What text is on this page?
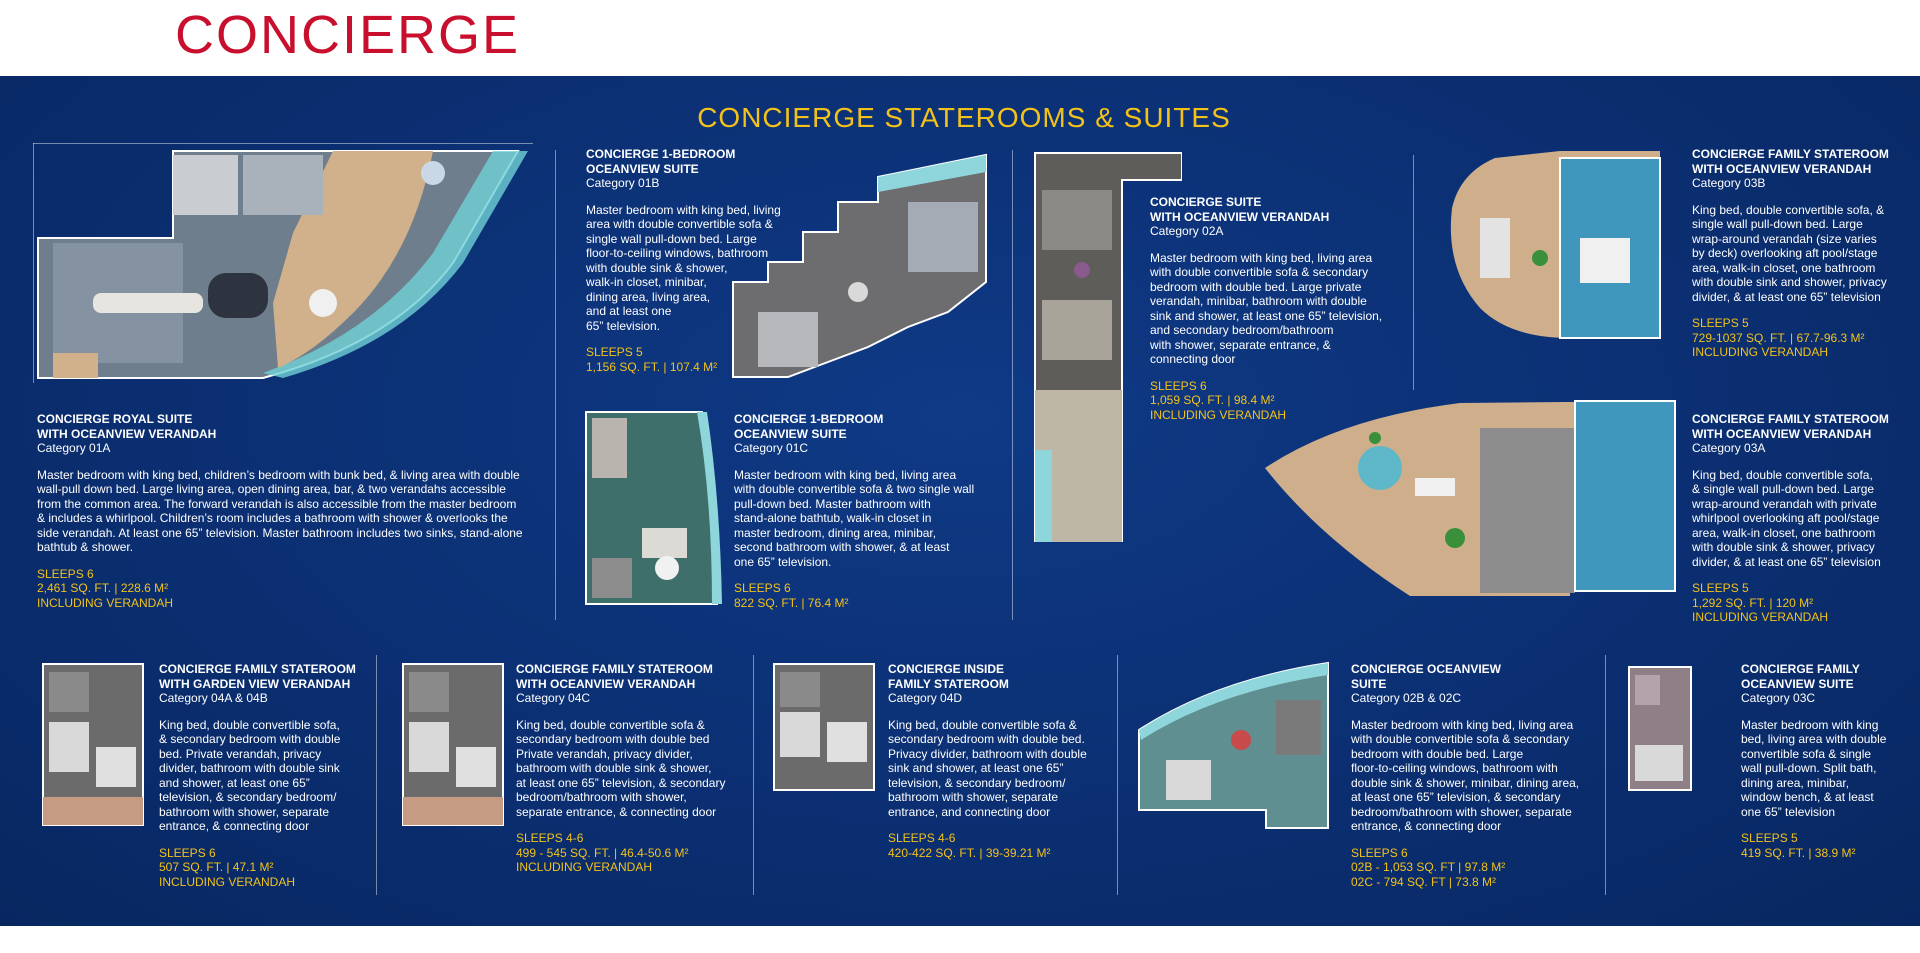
CONCIERGE
CONCIERGE STATEROOMS & SUITES
CONCIERGE ROYAL SUITE
WITH OCEANVIEW VERANDAH
Category 01A
Master bedroom with king bed, children’s bedroom with bunk bed, & living area with double
wall-pull down bed. Large living area, open dining area, bar, & two verandahs accessible
from the common area. The forward verandah is also accessible from the master bedroom
& includes a whirlpool. Children’s room includes a bathroom with shower & overlooks the
side verandah. At least one 65” television. Master bathroom includes two sinks, stand-alone
bathtub & shower.
SLEEPS 6
2,461 SQ. FT. | 228.6 M²
INCLUDING VERANDAH
CONCIERGE 1-BEDROOM
OCEANVIEW SUITE
Category 01B
Master bedroom with king bed, living
area with double convertible sofa &
single wall pull-down bed. Large
floor-to-ceiling windows, bathroom
with double sink & shower,
walk-in closet, minibar,
dining area, living area,
and at least one
65” television.
SLEEPS 5
1,156 SQ. FT. | 107.4 M²
CONCIERGE 1-BEDROOM
OCEANVIEW SUITE
Category 01C
Master bedroom with king bed, living area
with double convertible sofa & two single wall
pull-down bed. Master bathroom with
stand-alone bathtub, walk-in closet in
master bedroom, dining area, minibar,
second bathroom with shower, & at least
one 65” television.
SLEEPS 6
822 SQ. FT. | 76.4 M²
CONCIERGE SUITE
WITH OCEANVIEW VERANDAH
Category 02A
Master bedroom with king bed, living area
with double convertible sofa & secondary
bedroom with double bed. Large private
verandah, minibar, bathroom with double
sink and shower, at least one 65” television,
and secondary bedroom/bathroom
with shower, separate entrance, &
connecting door
SLEEPS 6
1,059 SQ. FT. | 98.4 M²
INCLUDING VERANDAH
CONCIERGE FAMILY STATEROOM
WITH OCEANVIEW VERANDAH
Category 03B
King bed, double convertible sofa, &
single wall pull-down bed. Large
wrap-around verandah (size varies
by deck) overlooking aft pool/stage
area, walk-in closet, one bathroom
with double sink and shower, privacy
divider, & at least one 65” television
SLEEPS 5
729-1037 SQ. FT. | 67.7-96.3 M²
INCLUDING VERANDAH
CONCIERGE FAMILY STATEROOM
WITH OCEANVIEW VERANDAH
Category 03A
King bed, double convertible sofa,
& single wall pull-down bed. Large
wrap-around verandah with private
whirlpool overlooking aft pool/stage
area, walk-in closet, one bathroom
with double sink & shower, privacy
divider, & at least one 65” television
SLEEPS 5
1,292 SQ. FT. | 120 M²
INCLUDING VERANDAH
CONCIERGE FAMILY STATEROOM
WITH GARDEN VIEW VERANDAH
Category 04A & 04B
King bed, double convertible sofa,
& secondary bedroom with double
bed. Private verandah, privacy
divider, bathroom with double sink
and shower, at least one 65”
television, & secondary bedroom/
bathroom with shower, separate
entrance, & connecting door
SLEEPS 6
507 SQ. FT. | 47.1 M²
INCLUDING VERANDAH
CONCIERGE FAMILY STATEROOM
WITH OCEANVIEW VERANDAH
Category 04C
King bed, double convertible sofa &
secondary bedroom with double bed
Private verandah, privacy divider,
bathroom with double sink & shower,
at least one 65” television, & secondary
bedroom/bathroom with shower,
separate entrance, & connecting door
SLEEPS 4-6
499 - 545 SQ. FT. | 46.4-50.6 M²
INCLUDING VERANDAH
CONCIERGE INSIDE
FAMILY STATEROOM
Category 04D
King bed, double convertible sofa &
secondary bedroom with double bed.
Privacy divider, bathroom with double
sink and shower, at least one 65”
television, & secondary bedroom/
bathroom with shower, separate
entrance, and connecting door
SLEEPS 4-6
420-422 SQ. FT. | 39-39.21 M²
CONCIERGE OCEANVIEW
SUITE
Category 02B & 02C
Master bedroom with king bed, living area
with double convertible sofa & secondary
bedroom with double bed. Large
floor-to-ceiling windows, bathroom with
double sink & shower, minibar, dining area,
at least one 65” television, & secondary
bedroom/bathroom with shower, separate
entrance, & connecting door
SLEEPS 6
02B - 1,053 SQ. FT | 97.8 M²
02C - 794 SQ. FT | 73.8 M²
CONCIERGE FAMILY
OCEANVIEW SUITE
Category 03C
Master bedroom with king
bed, living area with double
convertible sofa & single
wall pull-down. Split bath,
dining area, minibar,
window bench, & at least
one 65” television
SLEEPS 5
419 SQ. FT. | 38.9 M²
